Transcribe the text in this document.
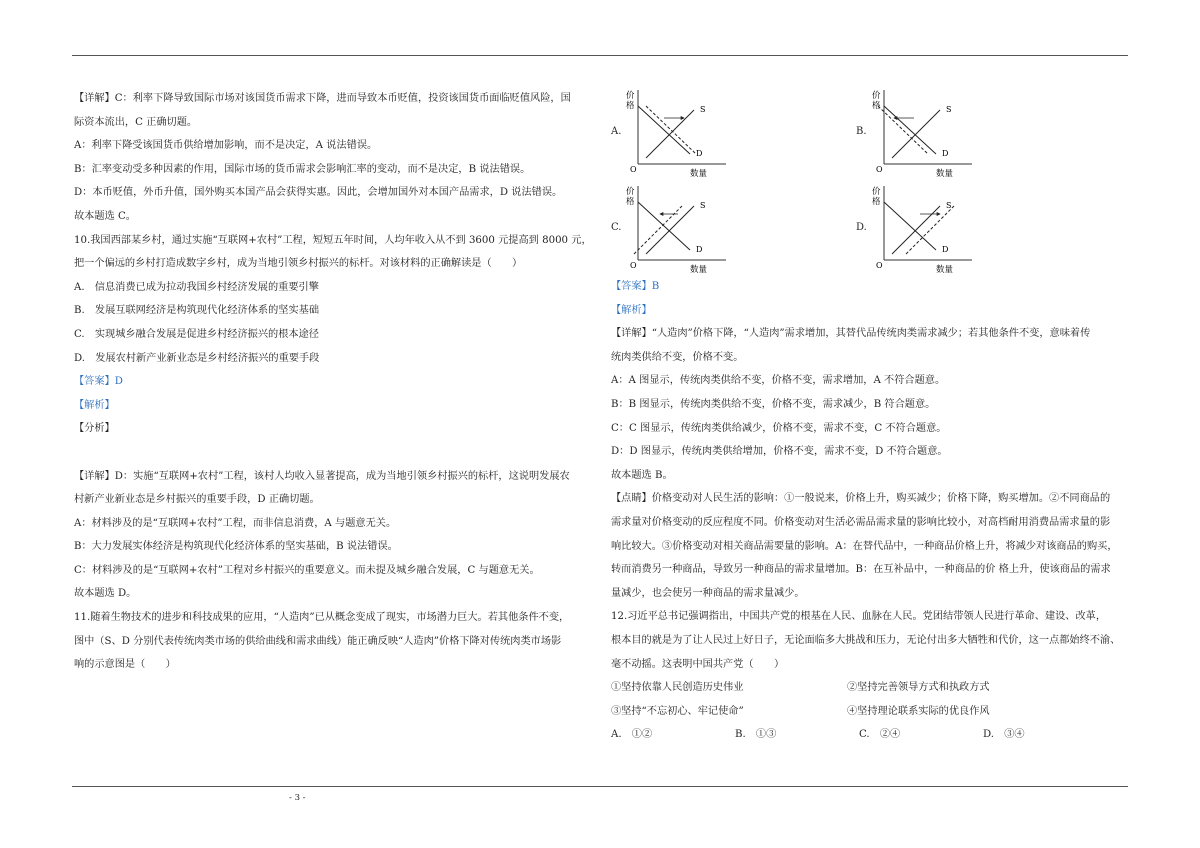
【详解】C：利率下降导致国际市场对该国货币需求下降，进而导致本币贬值，投资该国货币面临贬值风险，国

际资本流出，C 正确切题。

A：利率下降受该国货币供给增加影响，而不是决定，A 说法错误。

B：汇率变动受多种因素的作用，国际市场的货币需求会影响汇率的变动，而不是决定，B 说法错误。

D：本币贬值，外币升值，国外购买本国产品会获得实惠。因此，会增加国外对本国产品需求，D 说法错误。

故本题选 C。

10.我国西部某乡村，通过实施“互联网+农村”工程，短短五年时间，人均年收入从不到 3600 元提高到 8000 元，

把一个偏远的乡村打造成数字乡村，成为当地引领乡村振兴的标杆。对该材料的正确解读是（　　）

A.　信息消费已成为拉动我国乡村经济发展的重要引擎

B.　发展互联网经济是构筑现代化经济体系的坚实基础

C.　实现城乡融合发展是促进乡村经济振兴的根本途径

D.　发展农村新产业新业态是乡村经济振兴的重要手段

【答案】D

【解析】

【分析】

【详解】D：实施“互联网+农村”工程，该村人均收入显著提高，成为当地引领乡村振兴的标杆，这说明发展农

村新产业新业态是乡村振兴的重要手段，D 正确切题。

A：材料涉及的是“互联网+农村”工程，而非信息消费，A 与题意无关。

B：大力发展实体经济是构筑现代化经济体系的坚实基础，B 说法错误。

C：材料涉及的是“互联网+农村”工程对乡村振兴的重要意义。而未提及城乡融合发展，C 与题意无关。

故本题选 D。

11.随着生物技术的进步和科技成果的应用，“人造肉”已从概念变成了现实，市场潜力巨大。若其他条件不变，

图中（S、D 分别代表传统肉类市场的供给曲线和需求曲线）能正确反映“人造肉”价格下降对传统肉类市场影

响的示意图是（　　）

A.
价
格
O	数量
S
D
B.
价
格
O	数量
S
D
C.
价
格
O	数量
S
D
D.
价
格
O	数量
S
D

【答案】B

【解析】

【详解】“人造肉”价格下降，“人造肉”需求增加，其替代品传统肉类需求减少；若其他条件不变，意味着传

统肉类供给不变，价格不变。

A：A 图显示，传统肉类供给不变，价格不变，需求增加，A 不符合题意。

B：B 图显示，传统肉类供给不变，价格不变，需求减少，B 符合题意。

C：C 图显示，传统肉类供给减少，价格不变，需求不变，C 不符合题意。

D：D 图显示，传统肉类供给增加，价格不变，需求不变，D 不符合题意。

故本题选 B。

【点睛】价格变动对人民生活的影响：①一般说来，价格上升，购买减少；价格下降，购买增加。②不同商品的

需求量对价格变动的反应程度不同。价格变动对生活必需品需求量的影响比较小，对高档耐用消费品需求量的影

响比较大。③价格变动对相关商品需要量的影响。A：在替代品中，一种商品价格上升，将减少对该商品的购买，

转而消费另一种商品，导致另一种商品的需求量增加。B：在互补品中，一种商品的价 格上升，使该商品的需求

量减少，也会使另一种商品的需求量减少。

12.习近平总书记强调指出，中国共产党的根基在人民、血脉在人民。党团结带领人民进行革命、建设、改革，

根本目的就是为了让人民过上好日子，无论面临多大挑战和压力，无论付出多大牺牲和代价，这一点都始终不渝、

毫不动摇。这表明中国共产党（　　）

①坚持依靠人民创造历史伟业	②坚持完善领导方式和执政方式
③坚持“不忘初心、牢记使命”	④坚持理论联系实际的优良作风
A.　①②	B.　①③	C.　②④	D.　③④
- 3 -
